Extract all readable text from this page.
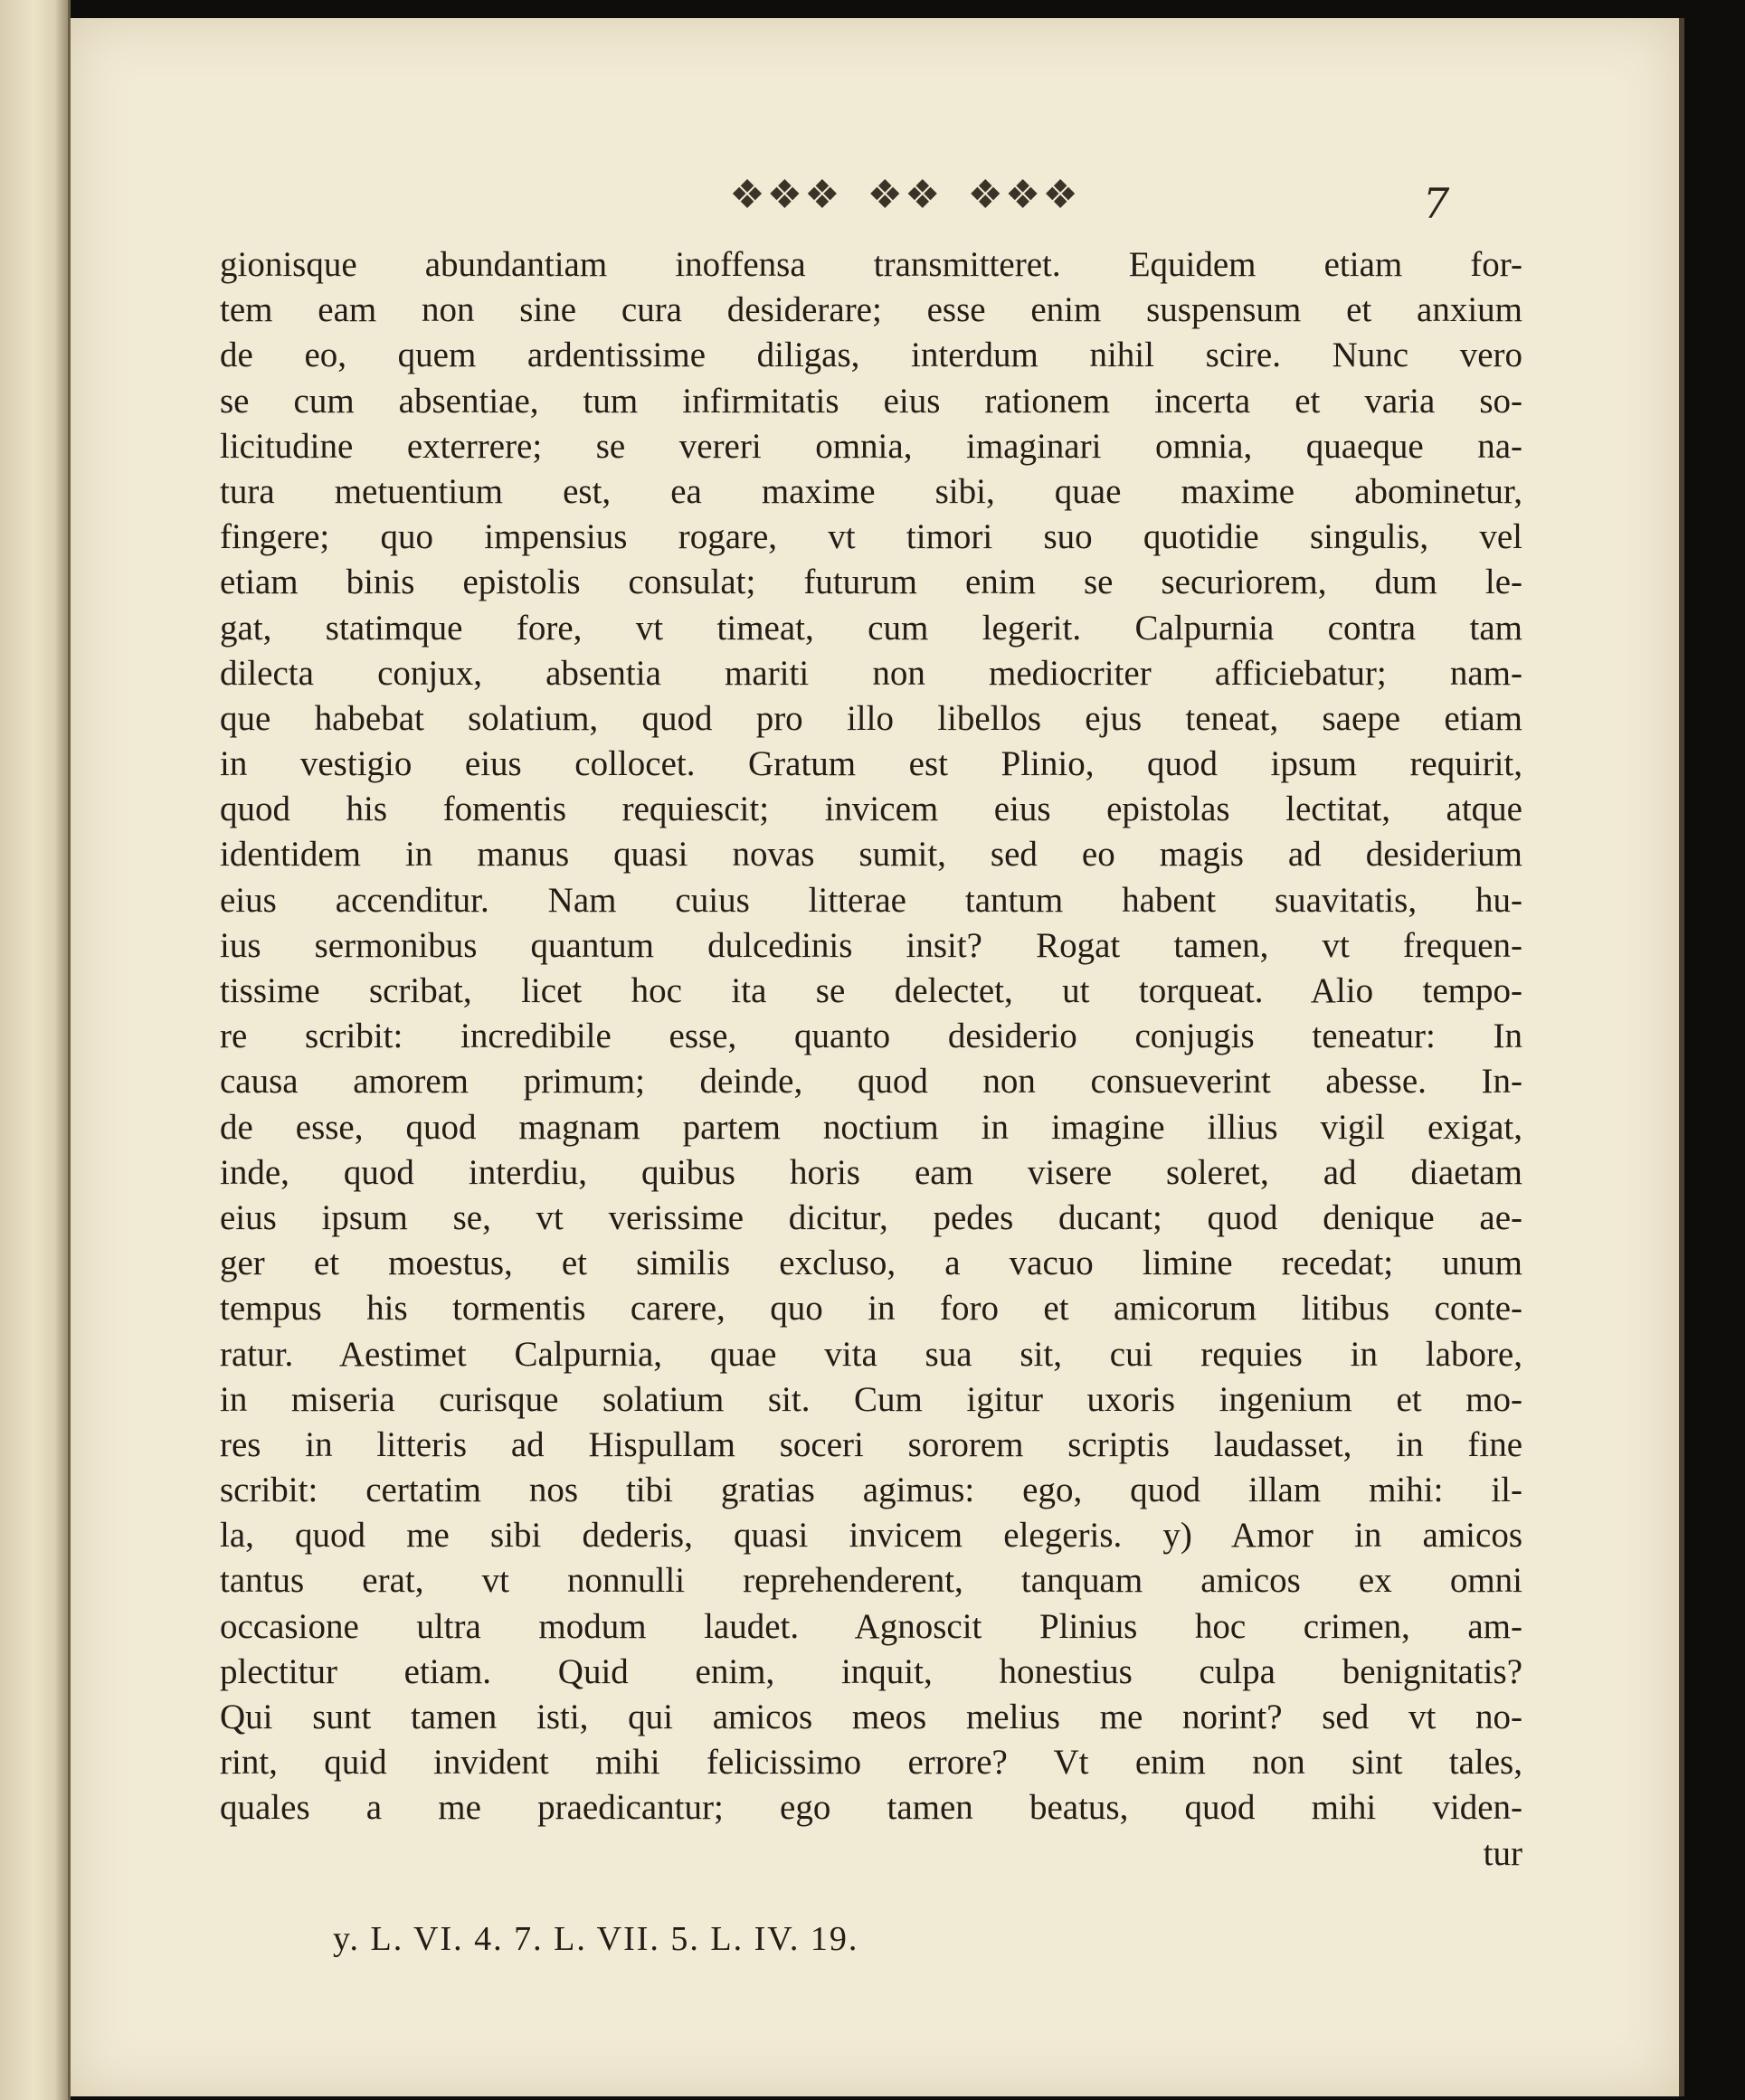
❖❖❖ ❖❖ ❖❖❖	7
gionisque abundantiam inoffensa transmitteret. Equidem etiam for-
tem eam non sine cura desiderare; esse enim suspensum et anxium
de eo, quem ardentissime diligas, interdum nihil scire. Nunc vero
se cum absentiae, tum infirmitatis eius rationem incerta et varia so-
licitudine exterrere; se vereri omnia, imaginari omnia, quaeque na-
tura metuentium est, ea maxime sibi, quae maxime abominetur,
fingere; quo impensius rogare, vt timori suo quotidie singulis, vel
etiam binis epistolis consulat; futurum enim se securiorem, dum le-
gat, statimque fore, vt timeat, cum legerit. Calpurnia contra tam
dilecta conjux, absentia mariti non mediocriter afficiebatur; nam-
que habebat solatium, quod pro illo libellos ejus teneat, saepe etiam
in vestigio eius collocet. Gratum est Plinio, quod ipsum requirit,
quod his fomentis requiescit; invicem eius epistolas lectitat, atque
identidem in manus quasi novas sumit, sed eo magis ad desiderium
eius accenditur. Nam cuius litterae tantum habent suavitatis, hu-
ius sermonibus quantum dulcedinis insit? Rogat tamen, vt frequen-
tissime scribat, licet hoc ita se delectet, ut torqueat. Alio tempo-
re scribit: incredibile esse, quanto desiderio conjugis teneatur: In
causa amorem primum; deinde, quod non consueverint abesse. In-
de esse, quod magnam partem noctium in imagine illius vigil exigat,
inde, quod interdiu, quibus horis eam visere soleret, ad diaetam
eius ipsum se, vt verissime dicitur, pedes ducant; quod denique ae-
ger et moestus, et similis excluso, a vacuo limine recedat; unum
tempus his tormentis carere, quo in foro et amicorum litibus conte-
ratur. Aestimet Calpurnia, quae vita sua sit, cui requies in labore,
in miseria curisque solatium sit. Cum igitur uxoris ingenium et mo-
res in litteris ad Hispullam soceri sororem scriptis laudasset, in fine
scribit: certatim nos tibi gratias agimus: ego, quod illam mihi: il-
la, quod me sibi dederis, quasi invicem elegeris. y) Amor in amicos
tantus erat, vt nonnulli reprehenderent, tanquam amicos ex omni
occasione ultra modum laudet. Agnoscit Plinius hoc crimen, am-
plectitur etiam. Quid enim, inquit, honestius culpa benignitatis?
Qui sunt tamen isti, qui amicos meos melius me norint? sed vt no-
rint, quid invident mihi felicissimo errore? Vt enim non sint tales,
quales a me praedicantur; ego tamen beatus, quod mihi viden-
tur
y. L. VI. 4. 7. L. VII. 5. L. IV. 19.
